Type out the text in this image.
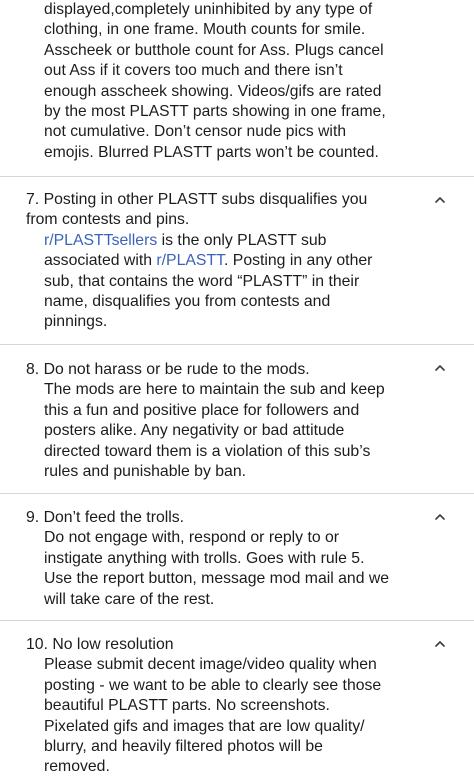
displayed,completely uninhibited by any type of
clothing, in one frame. Mouth counts for smile.
Asscheek or butthole count for Ass. Plugs cancel
out Ass if it covers too much and there isn’t
enough asscheek showing. Videos/gifs are rated
by the most PLASTT parts showing in one frame,
not cumulative. Don’t censor nude pics with
emojis. Blurred PLASTT parts won’t be counted.
7. Posting in other PLASTT subs disqualifies you
from contests and pins.
r/PLASTTsellers is the only PLASTT sub
associated with r/PLASTT. Posting in any other
sub, that contains the word “PLASTT” in their
name, disqualifies you from contests and
pinnings.
8. Do not harass or be rude to the mods.
The mods are here to maintain the sub and keep
this a fun and positive place for followers and
posters alike. Any negativity or bad attitude
directed toward them is a violation of this sub’s
rules and punishable by ban.
9. Don’t feed the trolls.
Do not engage with, respond or reply to or
instigate anything with trolls. Goes with rule 5.
Use the report button, message mod mail and we
will take care of the rest.
10. No low resolution
Please submit decent image/video quality when
posting - we want to be able to clearly see those
beautiful PLASTT parts. No screenshots.
Pixelated gifs and images that are low quality/
blurry, and heavily filtered photos will be
removed.
